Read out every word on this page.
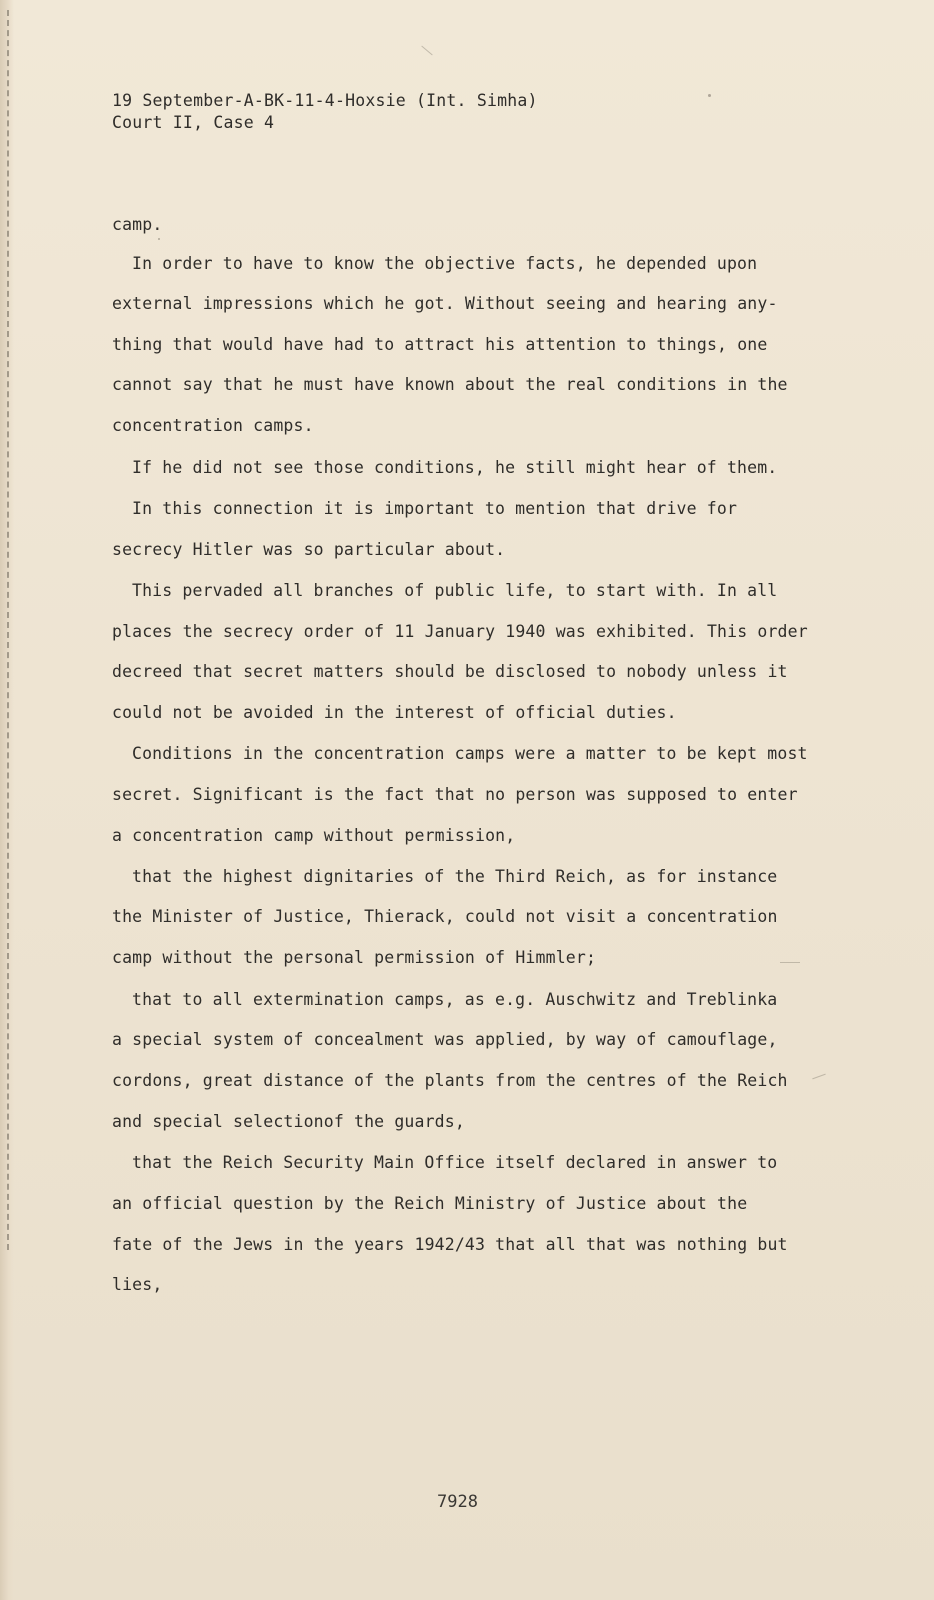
19 September-A-BK-11-4-Hoxsie (Int. Simha)
Court II, Case 4
camp.
In order to have to know the objective facts, he depended upon
external impressions which he got. Without seeing and hearing any-
thing that would have had to attract his attention to things, one
cannot say that he must have known about the real conditions in the
concentration camps.
If he did not see those conditions, he still might hear of them.
In this connection it is important to mention that drive for
secrecy Hitler was so particular about.
This pervaded all branches of public life, to start with. In all
places the secrecy order of 11 January 1940 was exhibited. This order
decreed that secret matters should be disclosed to nobody unless it
could not be avoided in the interest of official duties.
Conditions in the concentration camps were a matter to be kept most
secret. Significant is the fact that no person was supposed to enter
a concentration camp without permission,
that the highest dignitaries of the Third Reich, as for instance
the Minister of Justice, Thierack, could not visit a concentration
camp without the personal permission of Himmler;
that to all extermination camps, as e.g. Auschwitz and Treblinka
a special system of concealment was applied, by way of camouflage,
cordons, great distance of the plants from the centres of the Reich
and special selectionof the guards,
that the Reich Security Main Office itself declared in answer to
an official question by the Reich Ministry of Justice about the
fate of the Jews in the years 1942/43 that all that was nothing but
lies,
7928
